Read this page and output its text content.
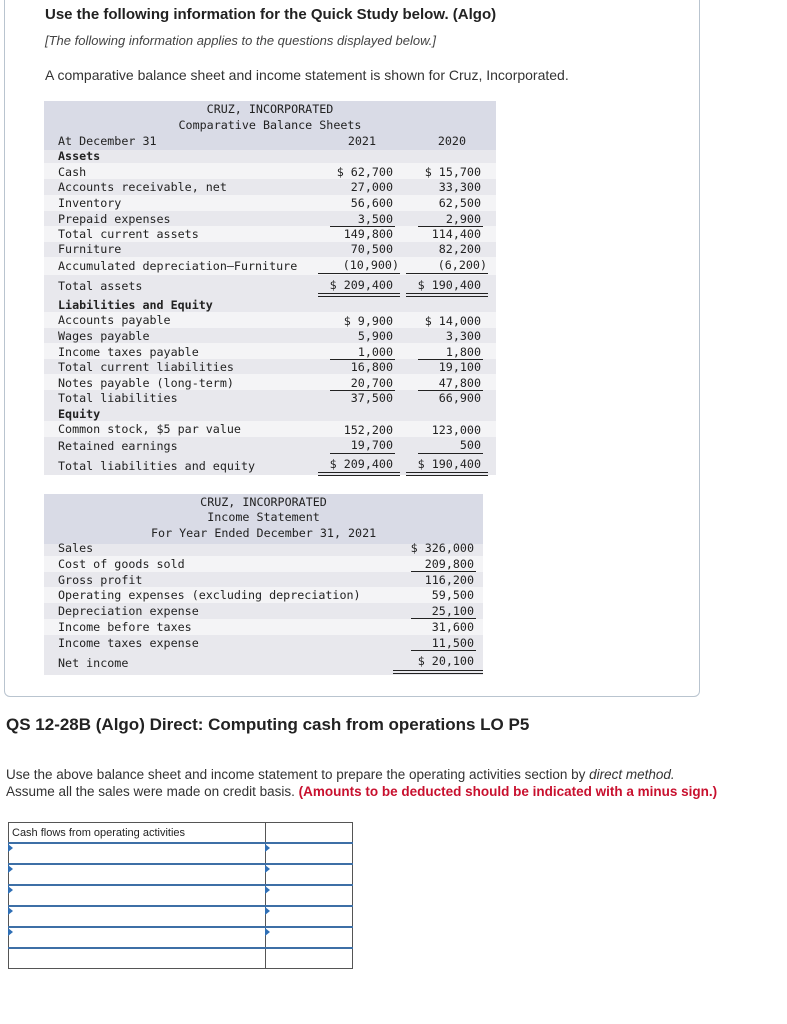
Use the following information for the Quick Study below. (Algo)
[The following information applies to the questions displayed below.]
A comparative balance sheet and income statement is shown for Cruz, Incorporated.
CRUZ, INCORPORATED
Comparative Balance Sheets
At December 31	2021	2020
Assets
Cash	$ 62,700	$ 15,700
Accounts receivable, net	27,000	33,300
Inventory	56,600	62,500
Prepaid expenses	3,500	2,900
Total current assets	149,800	114,400
Furniture	70,500	82,200
Accumulated depreciation—Furniture	(10,900)	(6,200)
Total assets	$ 209,400	$ 190,400
Liabilities and Equity
Accounts payable	$ 9,900	$ 14,000
Wages payable	5,900	3,300
Income taxes payable	1,000	1,800
Total current liabilities	16,800	19,100
Notes payable (long-term)	20,700	47,800
Total liabilities	37,500	66,900
Equity
Common stock, $5 par value	152,200	123,000
Retained earnings	19,700	500
Total liabilities and equity	$ 209,400	$ 190,400
CRUZ, INCORPORATED
Income Statement
For Year Ended December 31, 2021
Sales	$ 326,000
Cost of goods sold	209,800
Gross profit	116,200
Operating expenses (excluding depreciation)	59,500
Depreciation expense	25,100
Income before taxes	31,600
Income taxes expense	11,500
Net income	$ 20,100
QS 12-28B (Algo) Direct: Computing cash from operations LO P5
Use the above balance sheet and income statement to prepare the operating activities section by direct method.
Assume all the sales were made on credit basis. (Amounts to be deducted should be indicated with a minus sign.)
Cash flows from operating activities	
